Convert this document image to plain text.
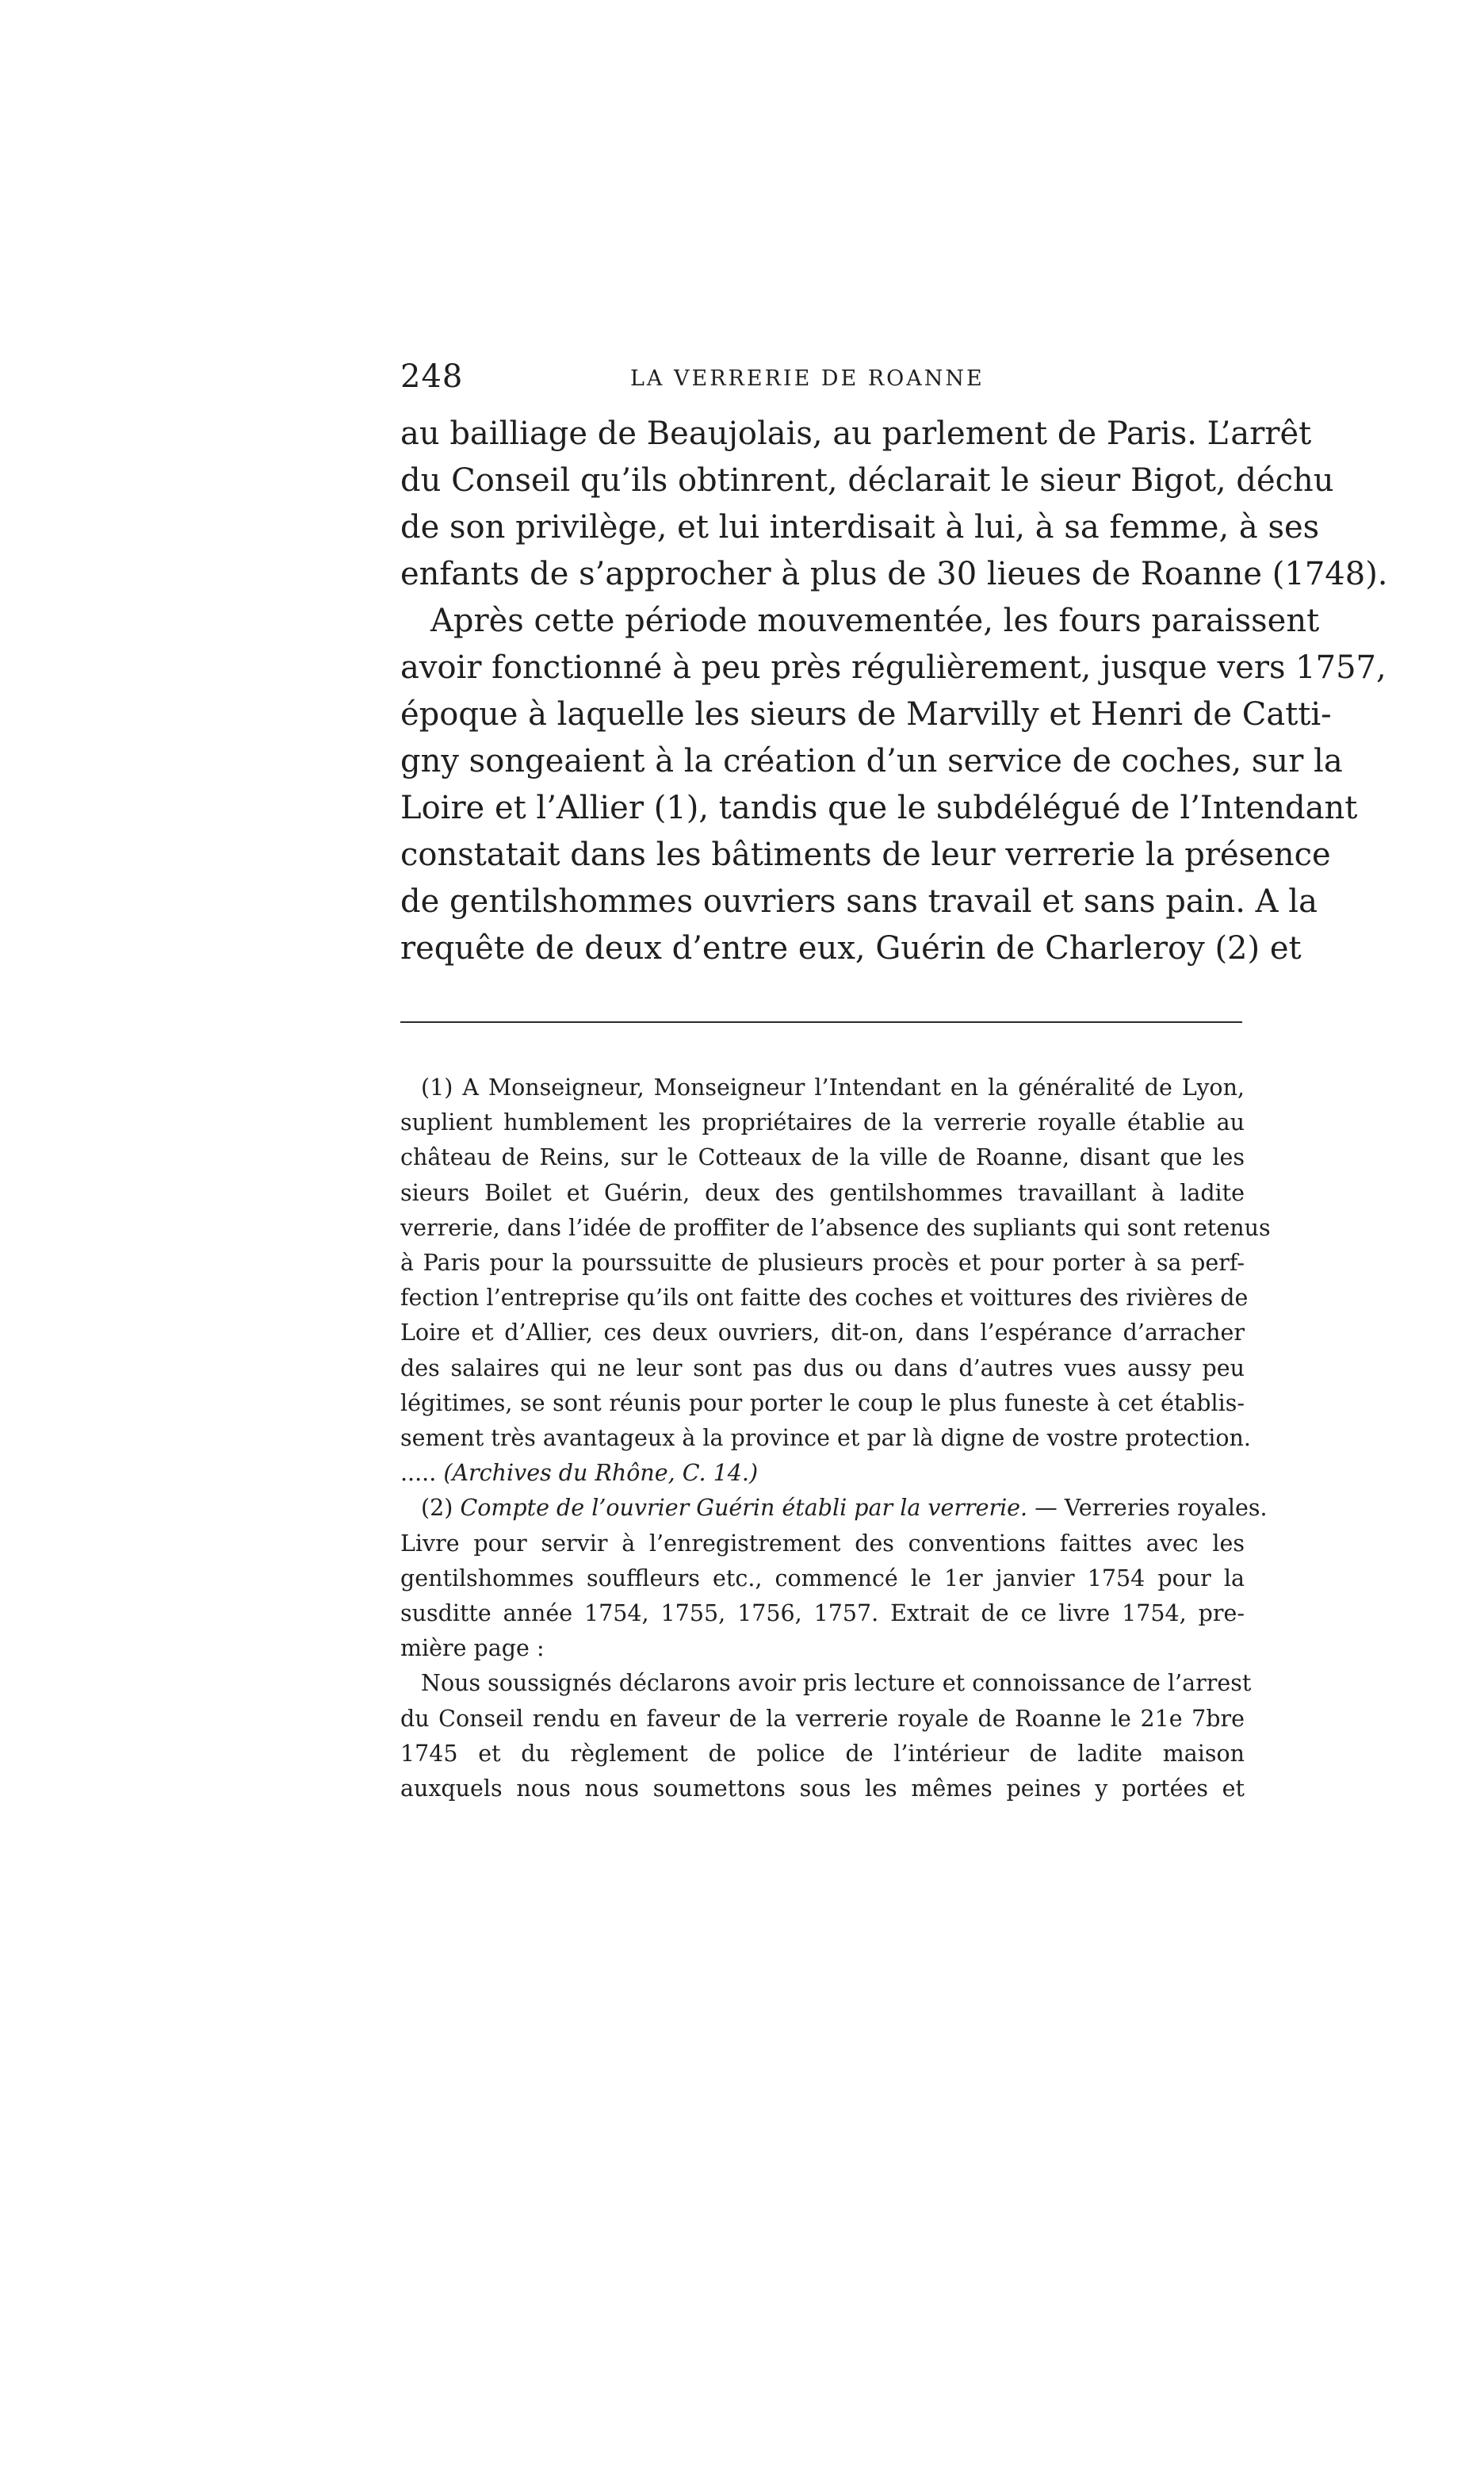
248	LA VERRERIE DE ROANNE
au bailliage de Beaujolais, au parlement de Paris. L’arrêt
du Conseil qu’ils obtinrent, déclarait le sieur Bigot, déchu
de son privilège, et lui interdisait à lui, à sa femme, à ses
enfants de s’approcher à plus de 30 lieues de Roanne (1748).
Après cette période mouvementée, les fours paraissent
avoir fonctionné à peu près régulièrement, jusque vers 1757,
époque à laquelle les sieurs de Marvilly et Henri de Catti-
gny songeaient à la création d’un service de coches, sur la
Loire et l’Allier (1), tandis que le subdélégué de l’Intendant
constatait dans les bâtiments de leur verrerie la présence
de gentilshommes ouvriers sans travail et sans pain. A la
requête de deux d’entre eux, Guérin de Charleroy (2) et
(1) A Monseigneur, Monseigneur l’Intendant en la généralité de Lyon,
suplient humblement les propriétaires de la verrerie royalle établie au
château de Reins, sur le Cotteaux de la ville de Roanne, disant que les
sieurs Boilet et Guérin, deux des gentilshommes travaillant à ladite
verrerie, dans l’idée de proffiter de l’absence des supliants qui sont retenus
à Paris pour la pourssuitte de plusieurs procès et pour porter à sa perf-
fection l’entreprise qu’ils ont faitte des coches et voittures des rivières de
Loire et d’Allier, ces deux ouvriers, dit-on, dans l’espérance d’arracher
des salaires qui ne leur sont pas dus ou dans d’autres vues aussy peu
légitimes, se sont réunis pour porter le coup le plus funeste à cet établis-
sement très avantageux à la province et par là digne de vostre protection.
..... (Archives du Rhône, C. 14.)
(2) Compte de l’ouvrier Guérin établi par la verrerie. — Verreries royales.
Livre pour servir à l’enregistrement des conventions faittes avec les
gentilshommes souffleurs etc., commencé le 1er janvier 1754 pour la
susditte année 1754, 1755, 1756, 1757. Extrait de ce livre 1754, pre-
mière page :
Nous soussignés déclarons avoir pris lecture et connoissance de l’arrest
du Conseil rendu en faveur de la verrerie royale de Roanne le 21e 7bre
1745 et du règlement de police de l’intérieur de ladite maison
auxquels nous nous soumettons sous les mêmes peines y portées et
